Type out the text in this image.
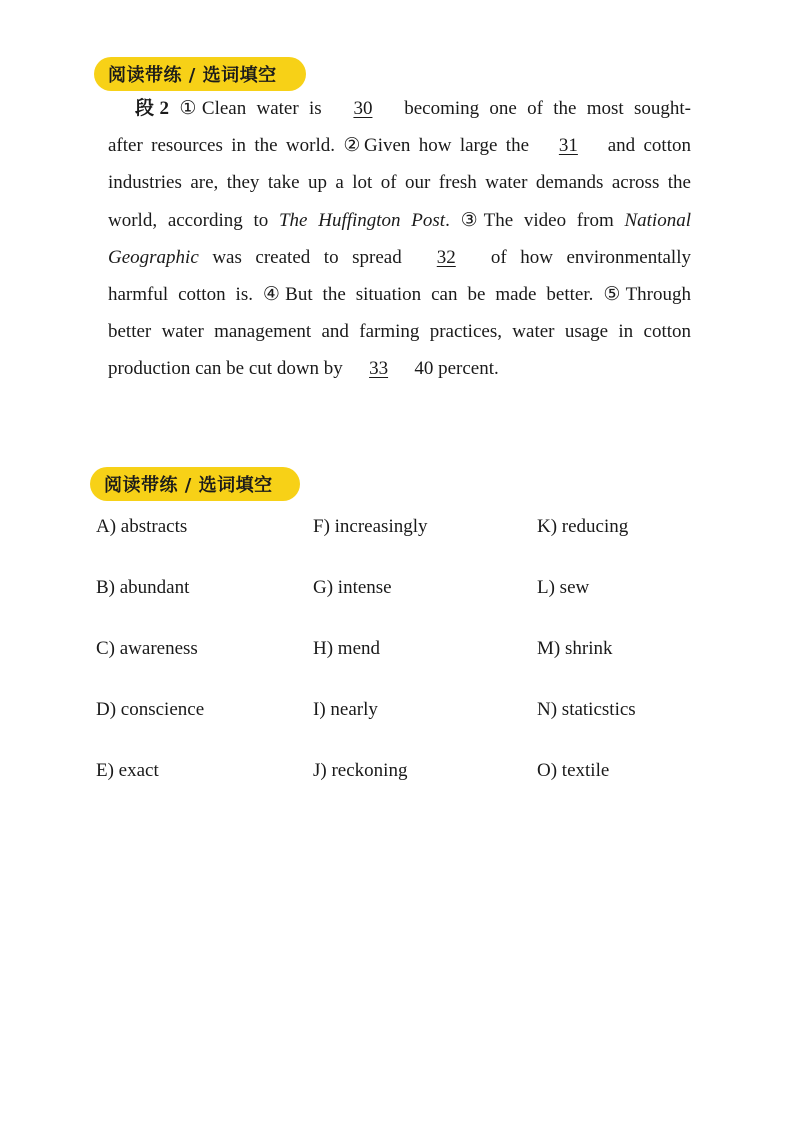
阅读带练 / 选词填空
段2 ①Clean water is 30 becoming one of the most sought-
after resources in the world. ②Given how large the 31 and cotton
industries are, they take up a lot of our fresh water demands across the
world, according to The Huffington Post. ③The video from National
Geographic was created to spread 32 of how environmentally
harmful cotton is. ④But the situation can be made better. ⑤Through
better water management and farming practices, water usage in cotton
production can be cut down by 33 40 percent.
阅读带练 / 选词填空
A) abstracts	F) increasingly	K) reducing
B) abundant	G) intense	L) sew
C) awareness	H) mend	M) shrink
D) conscience	I) nearly	N) staticstics
E) exact	J) reckoning	O) textile
